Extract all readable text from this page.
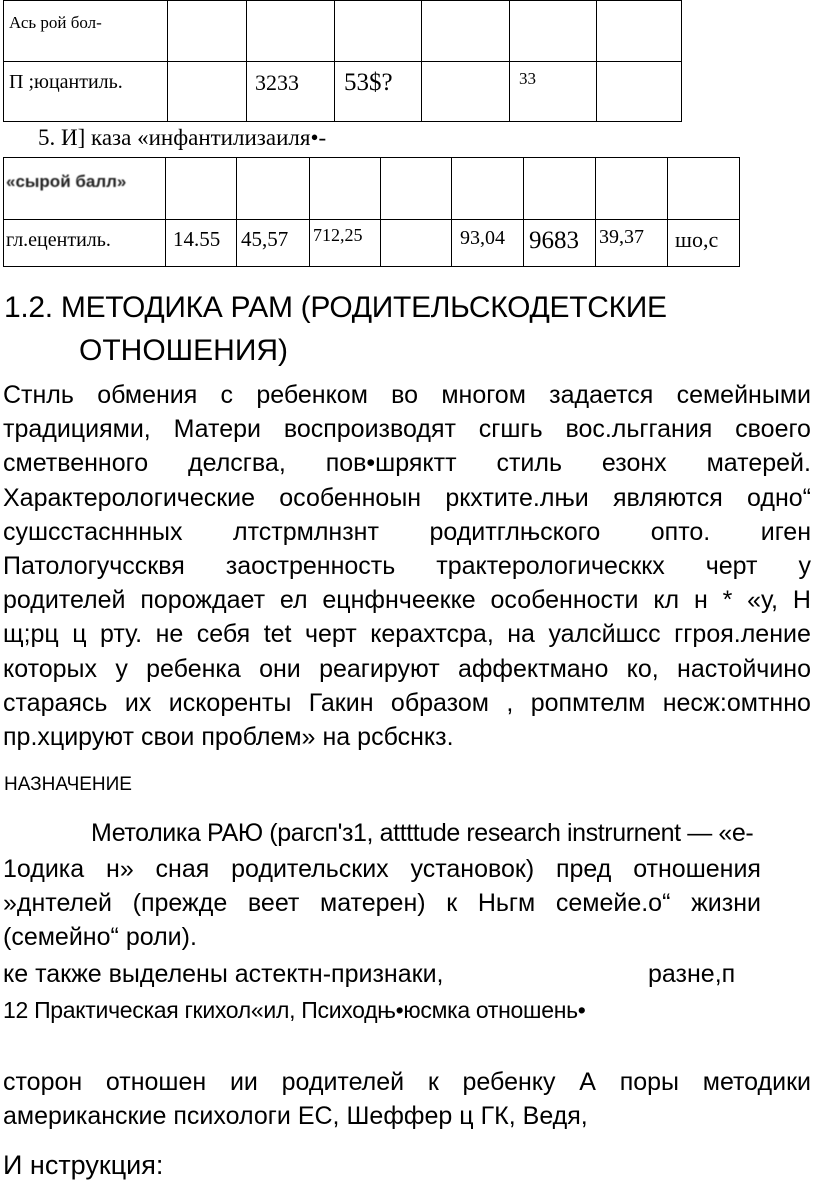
Ась рой бол-						

П ;юцантиль.		3233	53$?		33	

5. И] каза «инфантилизаиля•-
«сырой балл»								

гл.ецентиль.	14.55	45,57	712,25		93,04	9683	39,37	шо,с
1.2. МЕТОДИКА РАМ (РОДИТЕЛЬСКОДЕТСКИЕ
ОТНОШЕНИЯ)
Стнль обмения с ребенком во многом задается семейными
традициями, Матери воспроизводят сгшгь вос.льггания своего
сметвенного делсгва, пов•шряктт стиль езонх матерей.
Характерологические особенноын ркхтите.лњи являются одно“
сушсстасннных лтстрмлнзнт родитглњского опто. иген
Патологучссквя заостренность трактерологическкх черт у
родителей порождает ел ецнфнчеекке особенности кл н * «у, Н
щ;рц ц рту. не себя tet черт керахтсра, на уалсйшсс ггроя.ление
которых у ребенка они реагируют аффектмано ко, настойчино
стараясь их искоренты Гакин образом , ропмтелм несж:омтнно
пр.хцируют свои проблем» на рсбснкз.
НАЗНАЧЕНИЕ
Метолика РАЮ (рагсп'з1, attttude research instrurnent — «е-
1одика н» сная родительских установок) пред отношения
»днтелей (прежде веет матерен) к Ньгм семейе.о“ жизни
(семейно“ роли).
ке также выделены астектн-признаки,	разне,п
12 Практическая гкихол«ил, Психодњ•юсмка отношень•
сторон отношен ии родителей к ребенку А поры методики
американские психологи ЕС, Шеффер ц ГК, Ведя,
И нструкция:
